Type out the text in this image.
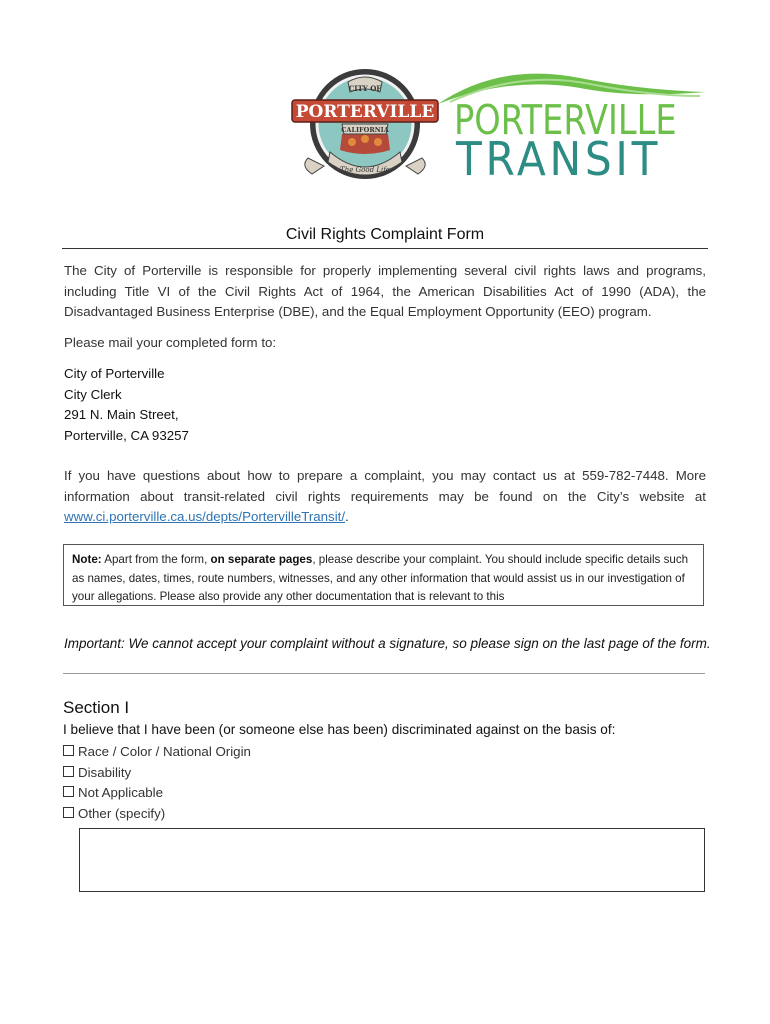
CITY OF
PORTERVILLE
CALIFORNIA
The Good Life
PORTERVILLE
TRANSIT
Civil Rights Complaint Form
The City of Porterville is responsible for properly implementing several civil rights laws and programs, including Title VI of the Civil Rights Act of 1964, the American Disabilities Act of 1990 (ADA), the Disadvantaged Business Enterprise (DBE), and the Equal Employment Opportunity (EEO) program.
Please mail your completed form to:
City of Porterville
City Clerk
291 N. Main Street,
Porterville, CA 93257
If you have questions about how to prepare a complaint, you may contact us at 559-782-7448. More information about transit-related civil rights requirements may be found on the City’s website at www.ci.porterville.ca.us/depts/PortervilleTransit/.
Note: Apart from the form, on separate pages, please describe your complaint. You should include specific details such as names, dates, times, route numbers, witnesses, and any other information that would assist us in our investigation of your allegations. Please also provide any other documentation that is relevant to this
Important: We cannot accept your complaint without a signature, so please sign on the last page of the form.
Section I
I believe that I have been (or someone else has been) discriminated against on the basis of:
Race / Color / National Origin
Disability
Not Applicable
Other (specify)
